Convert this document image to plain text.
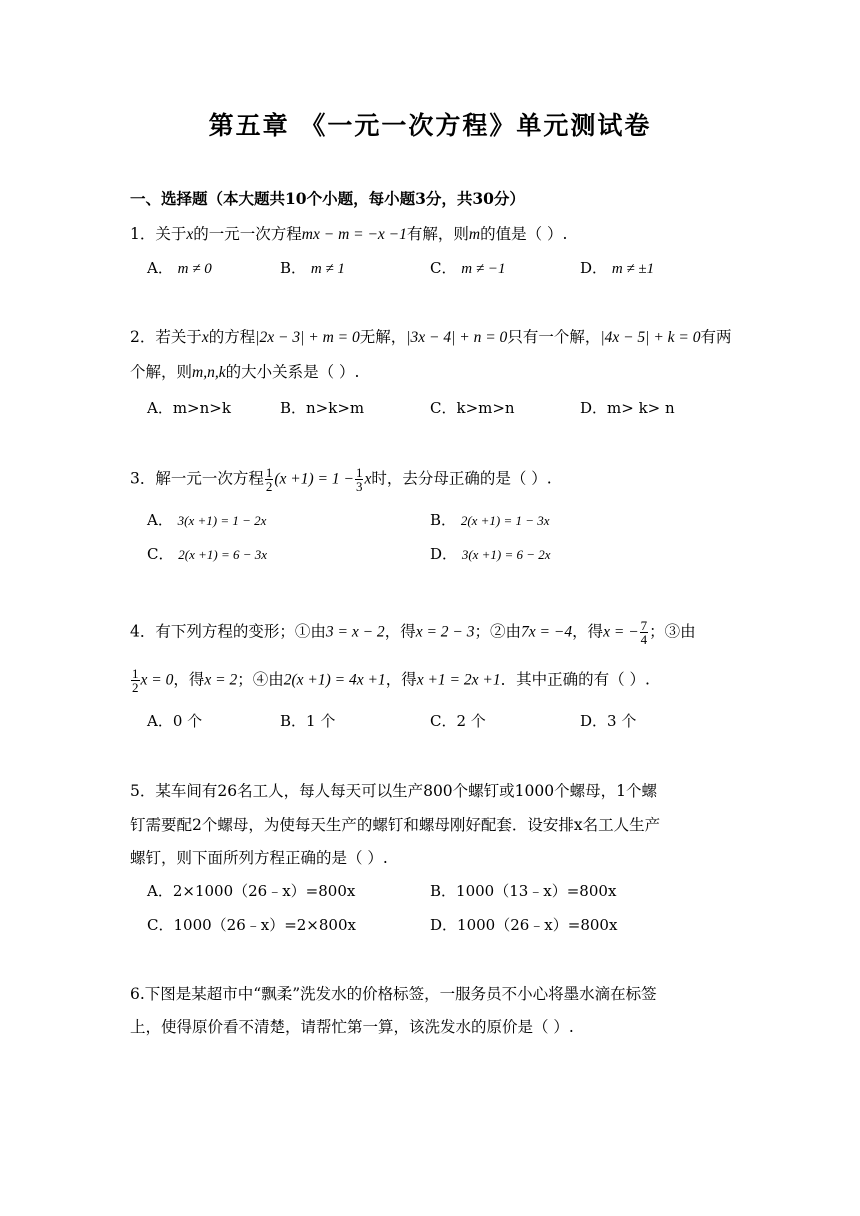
第五章 《一元一次方程》单元测试卷
一、选择题（本大题共10个小题，每小题3分，共30分）
1．关于x的一元一次方程mx − m = −x −1有解，则m的值是（ ）.
A． m ≠ 0	B． m ≠ 1	C． m ≠ −1	D． m ≠ ±1
2．若关于x的方程|2x − 3| + m = 0无解，|3x − 4| + n = 0只有一个解，|4x − 5| + k = 0有两
个解，则m,n,k的大小关系是（ ）.
A．m>n>k	B．n>k>m	C．k>m>n	D．m> k> n
3．解一元一次方程 $\frac{1}{2} (x +1) = 1 - \frac{1}{3}$ x时，去分母正确的是（ ）.
A． 3(x +1) = 1 − 2x	B． 2(x +1) = 1 − 3x
C． 2(x +1) = 6 − 3x	D． 3(x +1) = 6 − 2x
4．有下列方程的变形；①由3 = x − 2，得x = 2 − 3；②由7x = −4，得x = − $\frac{7}{4}$ ；③由
$\frac{1}{2}$ x = 0，得x = 2；④由2(x +1) = 4x +1，得x +1 = 2x +1．其中正确的有（ ）.
A．0 个	B．1 个	C．2 个	D．3 个
5．某车间有26名工人，每人每天可以生产800个螺钉或1000个螺母，1个螺
钉需要配2个螺母，为使每天生产的螺钉和螺母刚好配套．设安排x名工人生产
螺钉，则下面所列方程正确的是（ ）.
A．2×1000（26﹣x）=800x	B．1000（13﹣x）=800x
C．1000（26﹣x）=2×800x	D．1000（26﹣x）=800x
6.下图是某超市中“飘柔”洗发水的价格标签，一服务员不小心将墨水滴在标签
上，使得原价看不清楚，请帮忙第一算，该洗发水的原价是（ ）.
